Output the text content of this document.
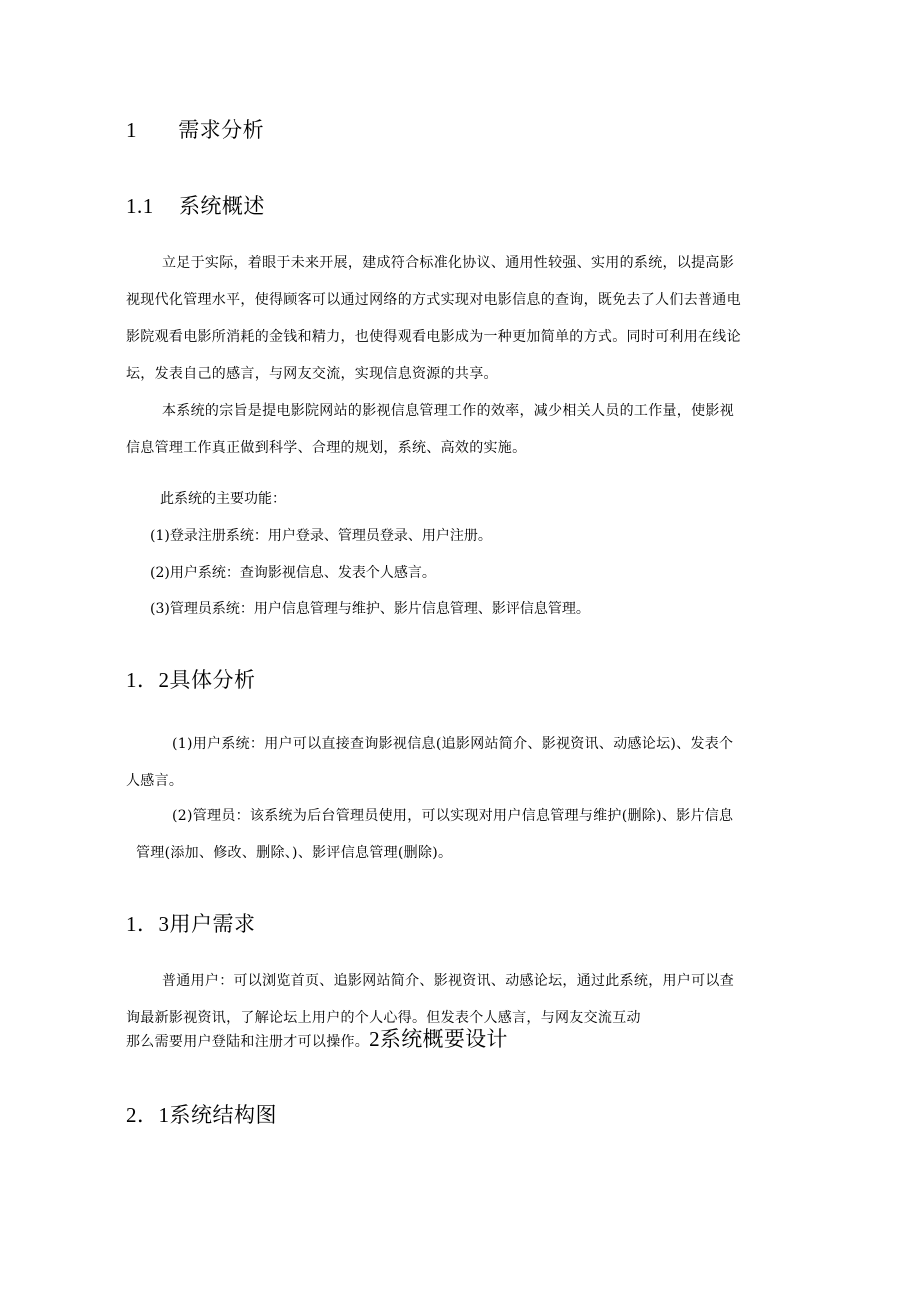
1 需求分析
1.1 系统概述
立足于实际，着眼于未来开展，建成符合标准化协议、通用性较强、实用的系统，以提高影
视现代化管理水平，使得顾客可以通过网络的方式实现对电影信息的查询，既免去了人们去普通电
影院观看电影所消耗的金钱和精力，也使得观看电影成为一种更加简单的方式。同时可利用在线论
坛，发表自己的感言，与网友交流，实现信息资源的共享。
本系统的宗旨是提电影院网站的影视信息管理工作的效率，减少相关人员的工作量，使影视
信息管理工作真正做到科学、合理的规划，系统、高效的实施。
此系统的主要功能：
(1)登录注册系统：用户登录、管理员登录、用户注册。
(2)用户系统：查询影视信息、发表个人感言。
(3)管理员系统：用户信息管理与维护、影片信息管理、影评信息管理。
1．2具体分析
(1)用户系统：用户可以直接查询影视信息(追影网站简介、影视资讯、动感论坛)、发表个
人感言。
(2)管理员：该系统为后台管理员使用，可以实现对用户信息管理与维护(删除)、影片信息
管理(添加、修改、删除、)、影评信息管理(删除)。
1．3用户需求
普通用户：可以浏览首页、追影网站简介、影视资讯、动感论坛，通过此系统，用户可以查
询最新影视资讯，了解论坛上用户的个人心得。但发表个人感言，与网友交流互动
那么需要用户登陆和注册才可以操作。2系统概要设计
2．1系统结构图
